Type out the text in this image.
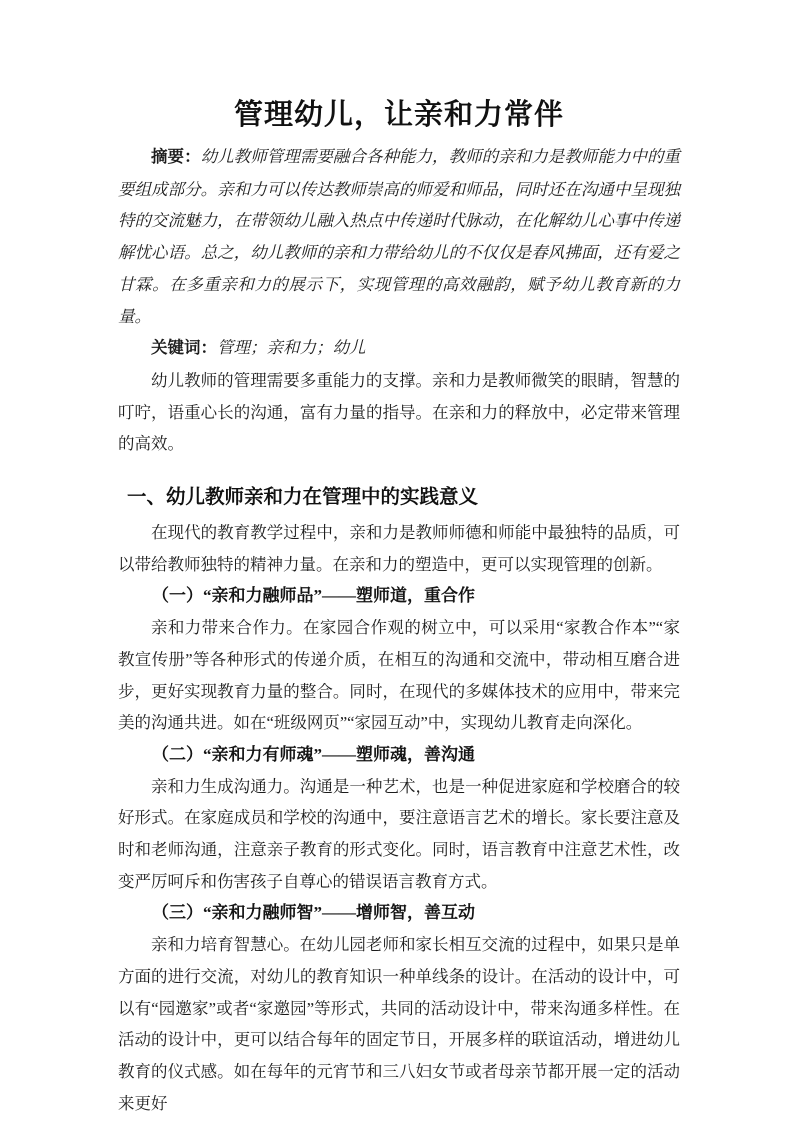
管理幼儿，让亲和力常伴

摘要：幼儿教师管理需要融合各种能力，教师的亲和力是教师能力中的重要组成部分。亲和力可以传达教师崇高的师爱和师品，同时还在沟通中呈现独特的交流魅力，在带领幼儿融入热点中传递时代脉动，在化解幼儿心事中传递解忧心语。总之，幼儿教师的亲和力带给幼儿的不仅仅是春风拂面，还有爱之甘霖。在多重亲和力的展示下，实现管理的高效融韵，赋予幼儿教育新的力量。

关键词：管理；亲和力；幼儿

幼儿教师的管理需要多重能力的支撑。亲和力是教师微笑的眼睛，智慧的叮咛，语重心长的沟通，富有力量的指导。在亲和力的释放中，必定带来管理的高效。

一、幼儿教师亲和力在管理中的实践意义

在现代的教育教学过程中，亲和力是教师师德和师能中最独特的品质，可以带给教师独特的精神力量。在亲和力的塑造中，更可以实现管理的创新。

（一）“亲和力融师品”——塑师道，重合作

亲和力带来合作力。在家园合作观的树立中，可以采用“家教合作本”“家教宣传册”等各种形式的传递介质，在相互的沟通和交流中，带动相互磨合进步，更好实现教育力量的整合。同时，在现代的多媒体技术的应用中，带来完美的沟通共进。如在“班级网页”“家园互动”中，实现幼儿教育走向深化。

（二）“亲和力有师魂”——塑师魂，善沟通

亲和力生成沟通力。沟通是一种艺术，也是一种促进家庭和学校磨合的较好形式。在家庭成员和学校的沟通中，要注意语言艺术的增长。家长要注意及时和老师沟通，注意亲子教育的形式变化。同时，语言教育中注意艺术性，改变严厉呵斥和伤害孩子自尊心的错误语言教育方式。

（三）“亲和力融师智”——增师智，善互动

亲和力培育智慧心。在幼儿园老师和家长相互交流的过程中，如果只是单方面的进行交流，对幼儿的教育知识一种单线条的设计。在活动的设计中，可以有“园邀家”或者“家邀园”等形式，共同的活动设计中，带来沟通多样性。在活动的设计中，更可以结合每年的固定节日，开展多样的联谊活动，增进幼儿教育的仪式感。如在每年的元宵节和三八妇女节或者母亲节都开展一定的活动来更好
